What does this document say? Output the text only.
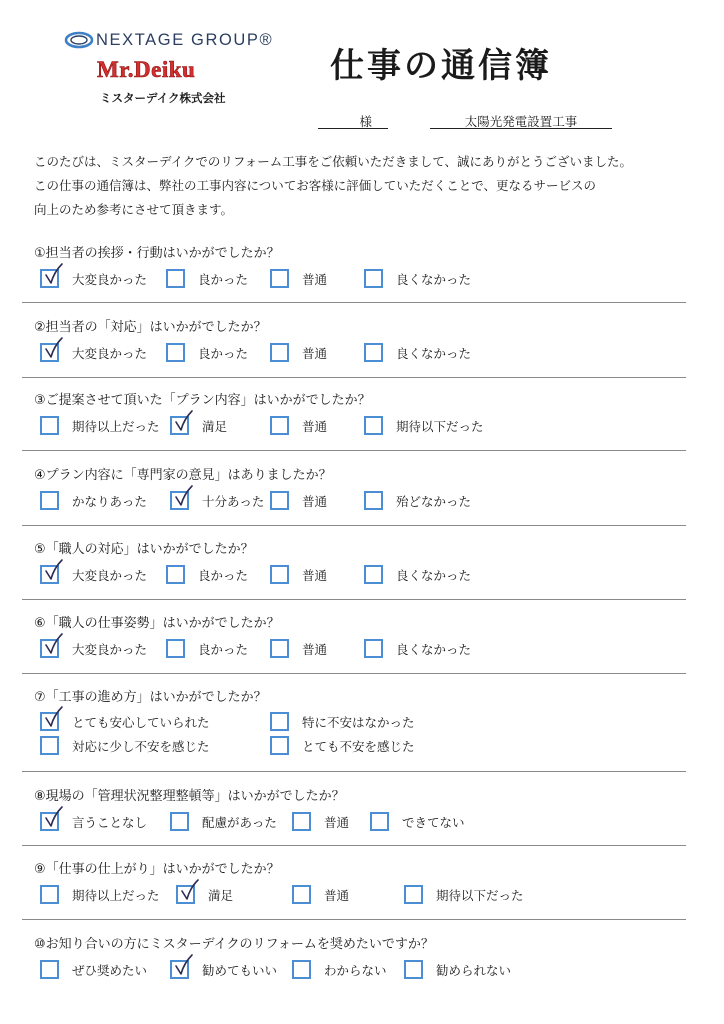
NEXTAGE GROUP®
Mr.Deiku
ミスターデイク株式会社
仕事の通信簿
様	太陽光発電設置工事

このたびは、ミスターデイクでのリフォーム工事をご依頼いただきまして、誠にありがとうございました。

この仕事の通信簿は、弊社の工事内容についてお客様に評価していただくことで、更なるサービスの

向上のため参考にさせて頂きます。

①担当者の挨拶・行動はいかがでしたか？
大変良かった	良かった	普通	良くなかった
②担当者の「対応」はいかがでしたか？
大変良かった	良かった	普通	良くなかった
③ご提案させて頂いた「プラン内容」はいかがでしたか？
期待以上だった	満足	普通	期待以下だった
④プラン内容に「専門家の意見」はありましたか？
かなりあった	十分あった	普通	殆どなかった
⑤「職人の対応」はいかがでしたか？
大変良かった	良かった	普通	良くなかった
⑥「職人の仕事姿勢」はいかがでしたか？
大変良かった	良かった	普通	良くなかった
⑦「工事の進め方」はいかがでしたか？
とても安心していられた	特に不安はなかった
対応に少し不安を感じた	とても不安を感じた
⑧現場の「管理状況整理整頓等」はいかがでしたか？
言うことなし	配慮があった	普通	できてない
⑨「仕事の仕上がり」はいかがでしたか？
期待以上だった	満足	普通	期待以下だった
⑩お知り合いの方にミスターデイクのリフォームを奨めたいですか？
ぜひ奨めたい	勧めてもいい	わからない	勧められない
